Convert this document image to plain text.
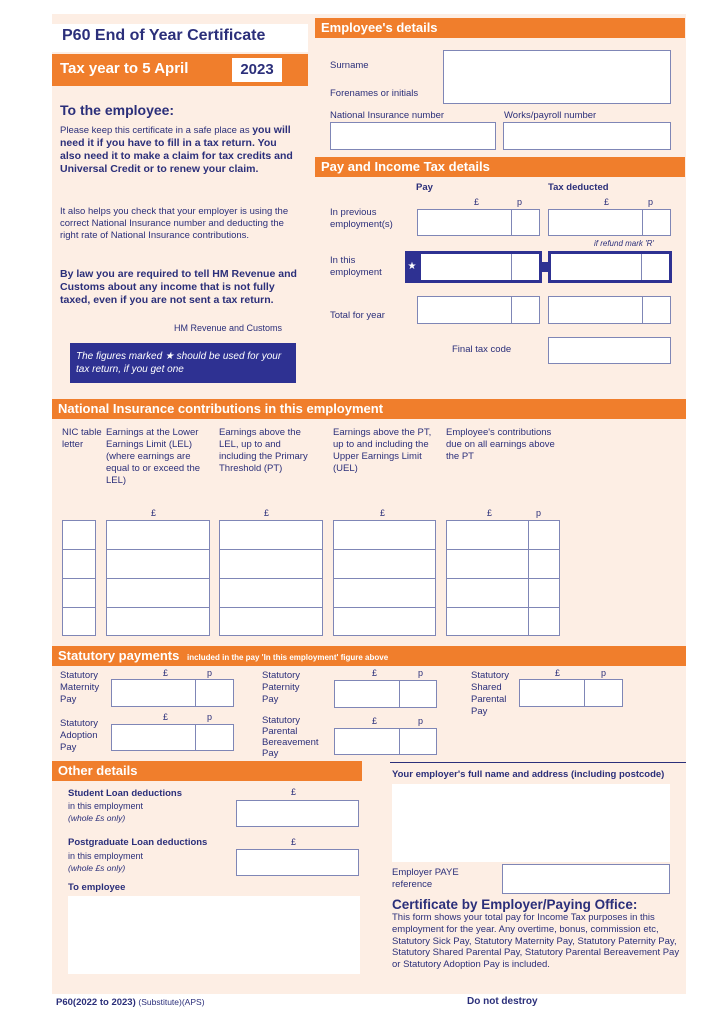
P60 End of Year Certificate
Tax year to 5 April	2023
To the employee:
Please keep this certificate in a safe place as you will need it if you have to fill in a tax return. You also need it to make a claim for tax credits and Universal Credit or to renew your claim.
It also helps you check that your employer is using the correct National Insurance number and deducting the right rate of National Insurance contributions.
By law you are required to tell HM Revenue and Customs about any income that is not fully taxed, even if you are not sent a tax return.
HM Revenue and Customs
The figures marked ★ should be used for your tax return, if you get one
Employee's details
Surname
Forenames or initials
National Insurance number	Works/payroll number
Pay and Income Tax details
Pay	Tax deducted
£	p	£	p
In previous employment(s)
if refund mark 'R'
In this employment
★
Total for year
Final tax code
National Insurance contributions in this employment
NIC table letter
Earnings at the Lower Earnings Limit (LEL) (where earnings are equal to or exceed the LEL)
Earnings above the LEL, up to and including the Primary Threshold (PT)
Earnings above the PT, up to and including the Upper Earnings Limit (UEL)
Employee's contributions due on all earnings above the PT
£	£	£	£	p
Statutory payments included in the pay 'In this employment' figure above
Statutory Maternity Pay
£	p	Statutory Paternity Pay
£	p	Statutory Shared Parental Pay
£	p
Statutory Adoption Pay
£	p	Statutory Parental Bereavement Pay
£	p
Other details
Student Loan deductions
in this employment
(whole £s only)
£
Postgraduate Loan deductions
in this employment
(whole £s only)
£
To employee
Your employer's full name and address (including postcode)
Employer PAYE reference
Certificate by Employer/Paying Office:
This form shows your total pay for Income Tax purposes in this employment for the year. Any overtime, bonus, commission etc, Statutory Sick Pay, Statutory Maternity Pay, Statutory Paternity Pay, Statutory Shared Parental Pay, Statutory Parental Bereavement Pay or Statutory Adoption Pay is included.
P60(2022 to 2023) (Substitute)(APS)	Do not destroy
